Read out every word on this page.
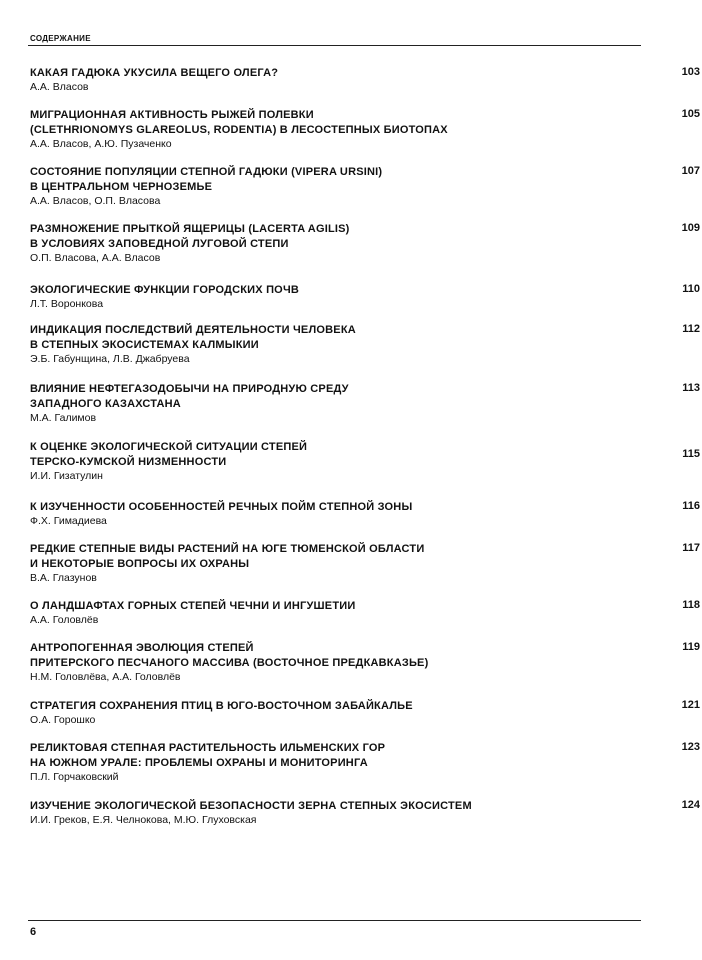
СОДЕРЖАНИЕ
КАКАЯ ГАДЮКА УКУСИЛА ВЕЩЕГО ОЛЕГА?
А.А. Власов
103
МИГРАЦИОННАЯ АКТИВНОСТЬ РЫЖЕЙ ПОЛЕВКИ
(CLETHRIONOMYS GLAREOLUS, RODENTIA) В ЛЕСОСТЕПНЫХ БИОТОПАХ
А.А. Власов, А.Ю. Пузаченко
105
СОСТОЯНИЕ ПОПУЛЯЦИИ СТЕПНОЙ ГАДЮКИ (VIPERA URSINI)
В ЦЕНТРАЛЬНОМ ЧЕРНОЗЕМЬЕ
А.А. Власов, О.П. Власова
107
РАЗМНОЖЕНИЕ ПРЫТКОЙ ЯЩЕРИЦЫ (LACERTA AGILIS)
В УСЛОВИЯХ ЗАПОВЕДНОЙ ЛУГОВОЙ СТЕПИ
О.П. Власова, А.А. Власов
109
ЭКОЛОГИЧЕСКИЕ ФУНКЦИИ ГОРОДСКИХ ПОЧВ
Л.Т. Воронкова
110
ИНДИКАЦИЯ ПОСЛЕДСТВИЙ ДЕЯТЕЛЬНОСТИ ЧЕЛОВЕКА
В СТЕПНЫХ ЭКОСИСТЕМАХ КАЛМЫКИИ
Э.Б. Габунщина, Л.В. Джабруева
112
ВЛИЯНИЕ НЕФТЕГАЗОДОБЫЧИ НА ПРИРОДНУЮ СРЕДУ
ЗАПАДНОГО КАЗАХСТАНА
М.А. Галимов
113
К ОЦЕНКЕ ЭКОЛОГИЧЕСКОЙ СИТУАЦИИ СТЕПЕЙ
ТЕРСКО-КУМСКОЙ НИЗМЕННОСТИ
И.И. Гизатулин
115
К ИЗУЧЕННОСТИ ОСОБЕННОСТЕЙ РЕЧНЫХ ПОЙМ СТЕПНОЙ ЗОНЫ
Ф.Х. Гимадиева
116
РЕДКИЕ СТЕПНЫЕ ВИДЫ РАСТЕНИЙ НА ЮГЕ ТЮМЕНСКОЙ ОБЛАСТИ
И НЕКОТОРЫЕ ВОПРОСЫ ИХ ОХРАНЫ
В.А. Глазунов
117
О ЛАНДШАФТАХ ГОРНЫХ СТЕПЕЙ ЧЕЧНИ И ИНГУШЕТИИ
А.А. Головлёв
118
АНТРОПОГЕННАЯ ЭВОЛЮЦИЯ СТЕПЕЙ
ПРИТЕРСКОГО ПЕСЧАНОГО МАССИВА (ВОСТОЧНОЕ ПРЕДКАВКАЗЬЕ)
Н.М. Головлёва, А.А. Головлёв
119
СТРАТЕГИЯ СОХРАНЕНИЯ ПТИЦ В ЮГО-ВОСТОЧНОМ ЗАБАЙКАЛЬЕ
О.А. Горошко
121
РЕЛИКТОВАЯ СТЕПНАЯ РАСТИТЕЛЬНОСТЬ ИЛЬМЕНСКИХ ГОР
НА ЮЖНОМ УРАЛЕ: ПРОБЛЕМЫ ОХРАНЫ И МОНИТОРИНГА
П.Л. Горчаковский
123
ИЗУЧЕНИЕ ЭКОЛОГИЧЕСКОЙ БЕЗОПАСНОСТИ ЗЕРНА СТЕПНЫХ ЭКОСИСТЕМ
И.И. Греков, Е.Я. Челнокова, М.Ю. Глуховская
124
6
